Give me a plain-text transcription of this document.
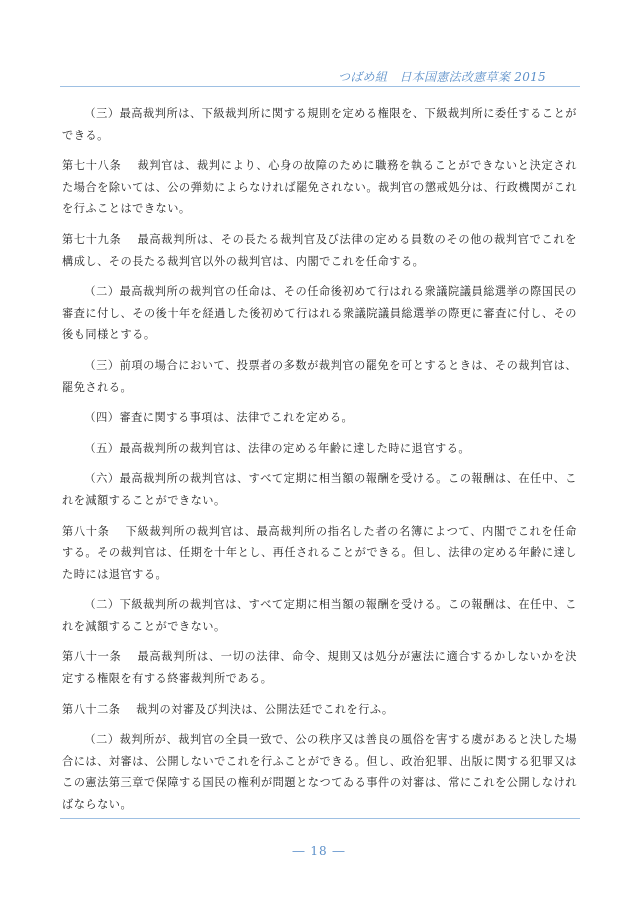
つばめ組　日本国憲法改憲草案 2015

（三）最高裁判所は、下級裁判所に関する規則を定める権限を、下級裁判所に委任することができる。

第七十八条　 裁判官は、裁判により、心身の故障のために職務を執ることができないと決定された場合を除いては、公の弾劾によらなければ罷免されない。裁判官の懲戒処分は、行政機関がこれを行ふことはできない。

第七十九条　 最高裁判所は、その長たる裁判官及び法律の定める員数のその他の裁判官でこれを構成し、その長たる裁判官以外の裁判官は、内閣でこれを任命する。

（二）最高裁判所の裁判官の任命は、その任命後初めて行はれる衆議院議員総選挙の際国民の審査に付し、その後十年を経過した後初めて行はれる衆議院議員総選挙の際更に審査に付し、その後も同様とする。

（三）前項の場合において、投票者の多数が裁判官の罷免を可とするときは、その裁判官は、罷免される。

（四）審査に関する事項は、法律でこれを定める。

（五）最高裁判所の裁判官は、法律の定める年齢に達した時に退官する。

（六）最高裁判所の裁判官は、すべて定期に相当額の報酬を受ける。この報酬は、在任中、これを減額することができない。

第八十条　 下級裁判所の裁判官は、最高裁判所の指名した者の名簿によつて、内閣でこれを任命する。その裁判官は、任期を十年とし、再任されることができる。但し、法律の定める年齢に達した時には退官する。

（二）下級裁判所の裁判官は、すべて定期に相当額の報酬を受ける。この報酬は、在任中、これを減額することができない。

第八十一条　 最高裁判所は、一切の法律、命令、規則又は処分が憲法に適合するかしないかを決定する権限を有する終審裁判所である。

第八十二条　 裁判の対審及び判決は、公開法廷でこれを行ふ。

（二）裁判所が、裁判官の全員一致で、公の秩序又は善良の風俗を害する虞があると決した場合には、対審は、公開しないでこれを行ふことができる。但し、政治犯罪、出版に関する犯罪又はこの憲法第三章で保障する国民の権利が問題となつてゐる事件の対審は、常にこれを公開しなければならない。

― 18 ―
